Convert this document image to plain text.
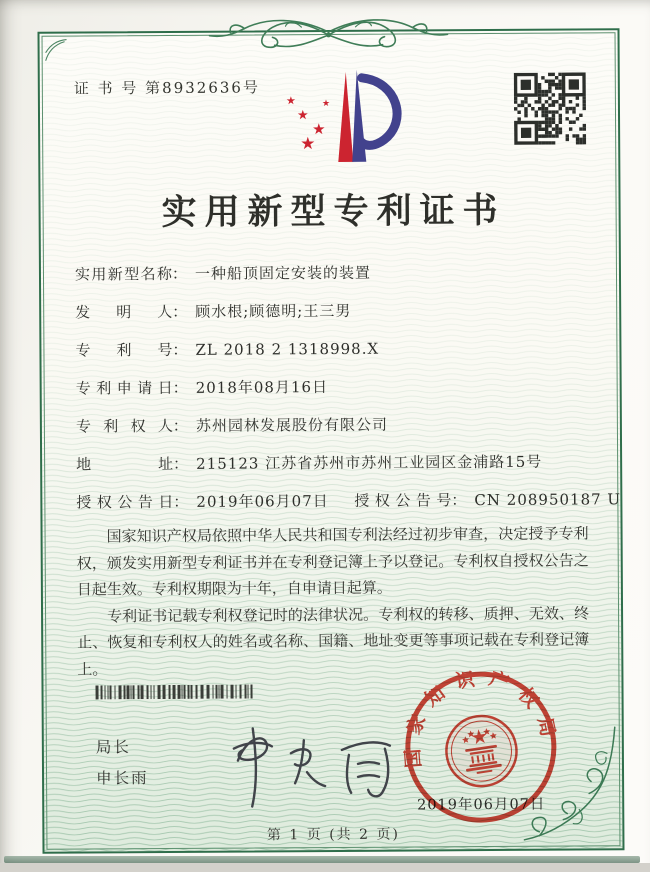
证 书 号 第8932636号
★
★
★
★
★
实用新型专利证书
实用新型名称： 一种船顶固定安装的装置
发明人： 顾水根;顾德明;王三男
专利号： ZL 2018 2 1318998.X
专利申请日： 2018年08月16日
专利权人： 苏州园林发展股份有限公司
地址： 215123 江苏省苏州市苏州工业园区金浦路15号
授权公告日： 2019年06月07日 授权公告号： CN 208950187 U

国家知识产权局依照中华人民共和国专利法经过初步审查，决定授予专利权，颁发实用新型专利证书并在专利登记簿上予以登记。专利权自授权公告之日起生效。专利权期限为十年，自申请日起算。

专利证书记载专利权登记时的法律状况。专利权的转移、质押、无效、终止、恢复和专利权人的姓名或名称、国籍、地址变更等事项记载在专利登记簿上。

局长
申长雨
2019年06月07日
国家知识产权局
第 1 页 (共 2 页)
